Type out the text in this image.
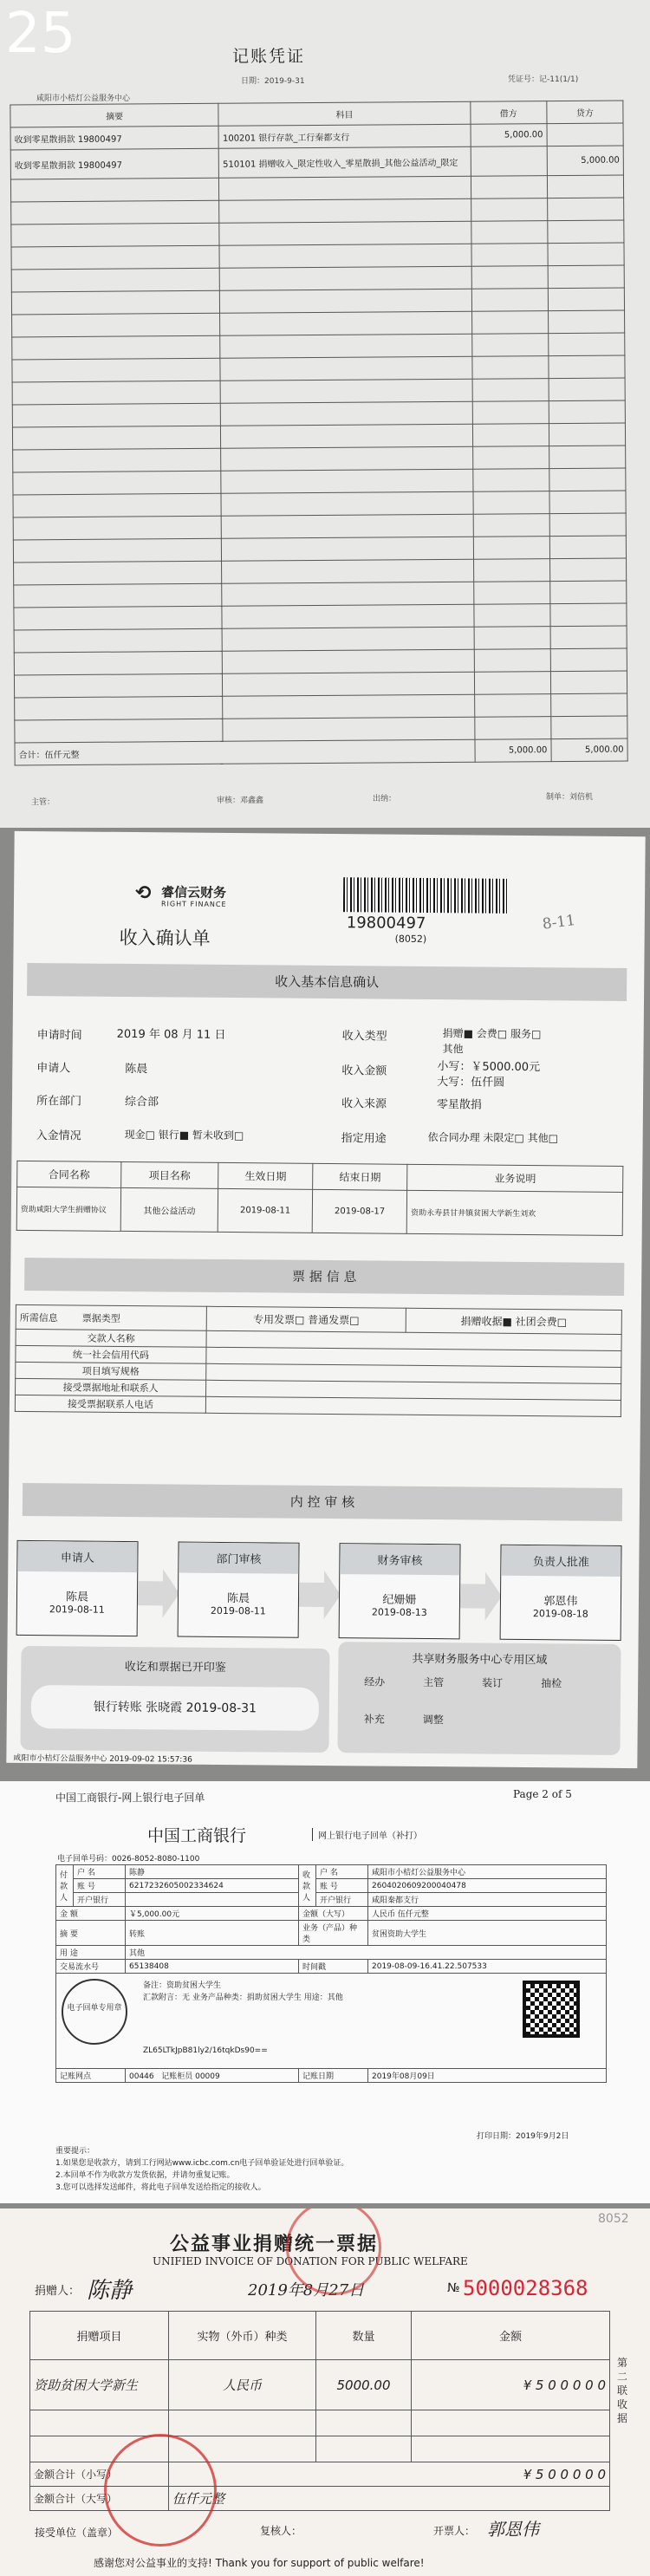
25	记账凭证
咸阳市小桔灯公益服务中心
日期：2019-9-31	凭证号：记-11(1/1)
摘要	科目	借方	贷方
收到零星散捐款 19800497	100201 银行存款_工行秦都支行	5,000.00	
收到零星散捐款 19800497	510101 捐赠收入_限定性收入_零星散捐_其他公益活动_限定		5,000.00

合计：伍仟元整		5,000.00	5,000.00
主管：	审核：邓鑫鑫	出纳：	制单：刘倍机
⟲ 睿信云财务
RIGHT FINANCE
收入确认单
19800497
(8052)
8-11
收入基本信息确认
申请时间	2019 年 08 月 11 日
申请人	陈晨
所在部门	综合部
入金情况	现金□ 银行■ 暂未收到□
收入类型	捐赠■ 会费□ 服务□
其他
收入金额	小写：￥5000.00元
大写：伍仟圆
收入来源	零星散捐
指定用途	依合同办理 未限定□ 其他□
合同名称	项目名称	生效日期	结束日期	业务说明
资助咸阳大学生捐赠协议	其他公益活动	2019-08-11	2019-08-17	资助永寿县甘井镇贫困大学新生刘欢
票 据 信 息
所需信息 票据类型	专用发票□ 普通发票□	捐赠收据■ 社团会费□
交款人名称		
统一社会信用代码		
项目填写规格		
接受票据地址和联系人		
接受票据联系人电话		
内 控 审 核
申请人
陈晨
2019-08-11
部门审核
陈晨
2019-08-11
财务审核
纪姗姗
2019-08-13
负责人批准
郭恩伟
2019-08-18
收讫和票据已开印鉴
银行转账 张晓霞 2019-08-31
共享财务服务中心专用区域
经办	主管	装订	抽检
补充	调整
咸阳市小桔灯公益服务中心 2019-09-02 15:57:36
中国工商银行-网上银行电子回单	Page 2 of 5
中国工商银行	网上银行电子回单（补打）
电子回单号码：0026-8052-8080-1100
付款人	户 名	陈静	收款人	户 名	咸阳市小桔灯公益服务中心
	账 号	6217232605002334624		账 号	2604020609200040478
	开户银行			开户银行	咸阳秦都支行
金 额		￥5,000.00元	金额（大写）		人民币 伍仟元整
摘 要		转账	业务（产品）种类		贫困资助大学生
用 途		其他			
交易流水号		65138408	时间戳		2019-08-09-16.41.22.507533

电子回单专用章
备注：资助贫困大学生
汇款附言：无 业务产品种类：捐助贫困大学生 用途：其他
ZL65LTkJpB81ly2/16tqkDs90==					

记账网点		00446   记账柜员 00009	记账日期		2019年08月09日
打印日期：2019年9月2日
重要提示：
1.如果您是收款方，请到工行网站www.icbc.com.cn电子回单验证处进行回单验证。
2.本回单不作为收款方发货依据，并请勿重复记账。
3.您可以选择发送邮件，将此电子回单发送给指定的接收人。
8052
公益事业捐赠统一票据
UNIFIED INVOICE OF DONATION FOR PUBLIC WELFARE
捐赠人： 陈静	2019年8月27日	№ 5000028368
捐赠项目	实物（外币）种类	数量	金额
资助贫困大学新生	人民币	5000.00	¥ 5 0 0 0 0 0

金额合计（小写）	¥ 5 0 0 0 0 0		
金额合计（大写）	伍仟元整		
接受单位（盖章）	复核人：	开票人： 郭恩伟
感谢您对公益事业的支持! Thank you for support of public welfare!
第二联收据
